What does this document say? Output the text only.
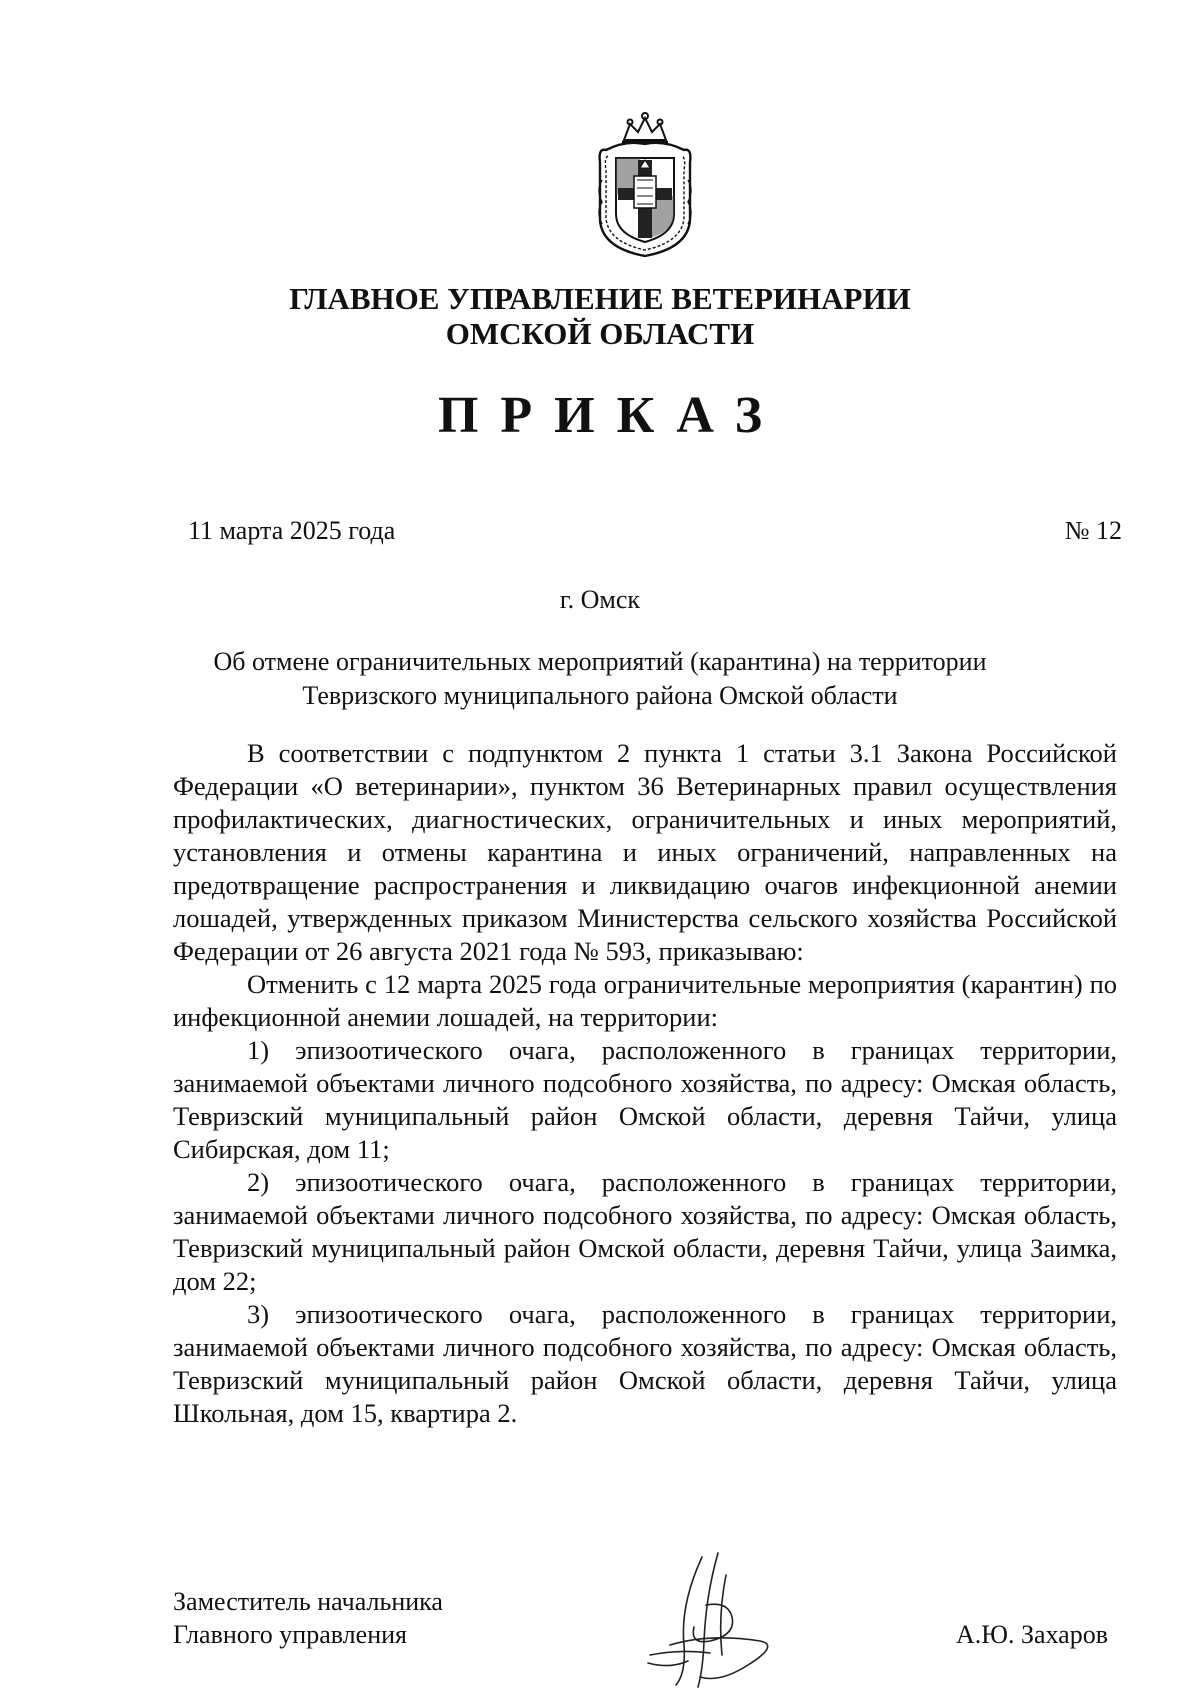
ГЛАВНОЕ УПРАВЛЕНИЕ ВЕТЕРИНАРИИ
ОМСКОЙ ОБЛАСТИ
ПРИКАЗ
11 марта 2025 года	№ 12
г. Омск
Об отмене ограничительных мероприятий (карантина) на территории
Тевризского муниципального района Омской области

В соответствии с подпунктом 2 пункта 1 статьи 3.1 Закона Российской Федерации «О ветеринарии», пунктом 36 Ветеринарных правил осуществления профилактических, диагностических, ограничительных и иных мероприятий, установления и отмены карантина и иных ограничений, направленных на предотвращение распространения и ликвидацию очагов инфекционной анемии лошадей, утвержденных приказом Министерства сельского хозяйства Российской Федерации от 26 августа 2021 года № 593, приказываю:

Отменить с 12 марта 2025 года ограничительные мероприятия (карантин) по инфекционной анемии лошадей, на территории:

1) эпизоотического очага, расположенного в границах территории, занимаемой объектами личного подсобного хозяйства, по адресу: Омская область, Тевризский муниципальный район Омской области, деревня Тайчи, улица Сибирская, дом 11;

2) эпизоотического очага, расположенного в границах территории, занимаемой объектами личного подсобного хозяйства, по адресу: Омская область, Тевризский муниципальный район Омской области, деревня Тайчи, улица Заимка, дом 22;

3) эпизоотического очага, расположенного в границах территории, занимаемой объектами личного подсобного хозяйства, по адресу: Омская область, Тевризский муниципальный район Омской области, деревня Тайчи, улица Школьная, дом 15, квартира 2.

Заместитель начальника
Главного управления	А.Ю. Захаров
